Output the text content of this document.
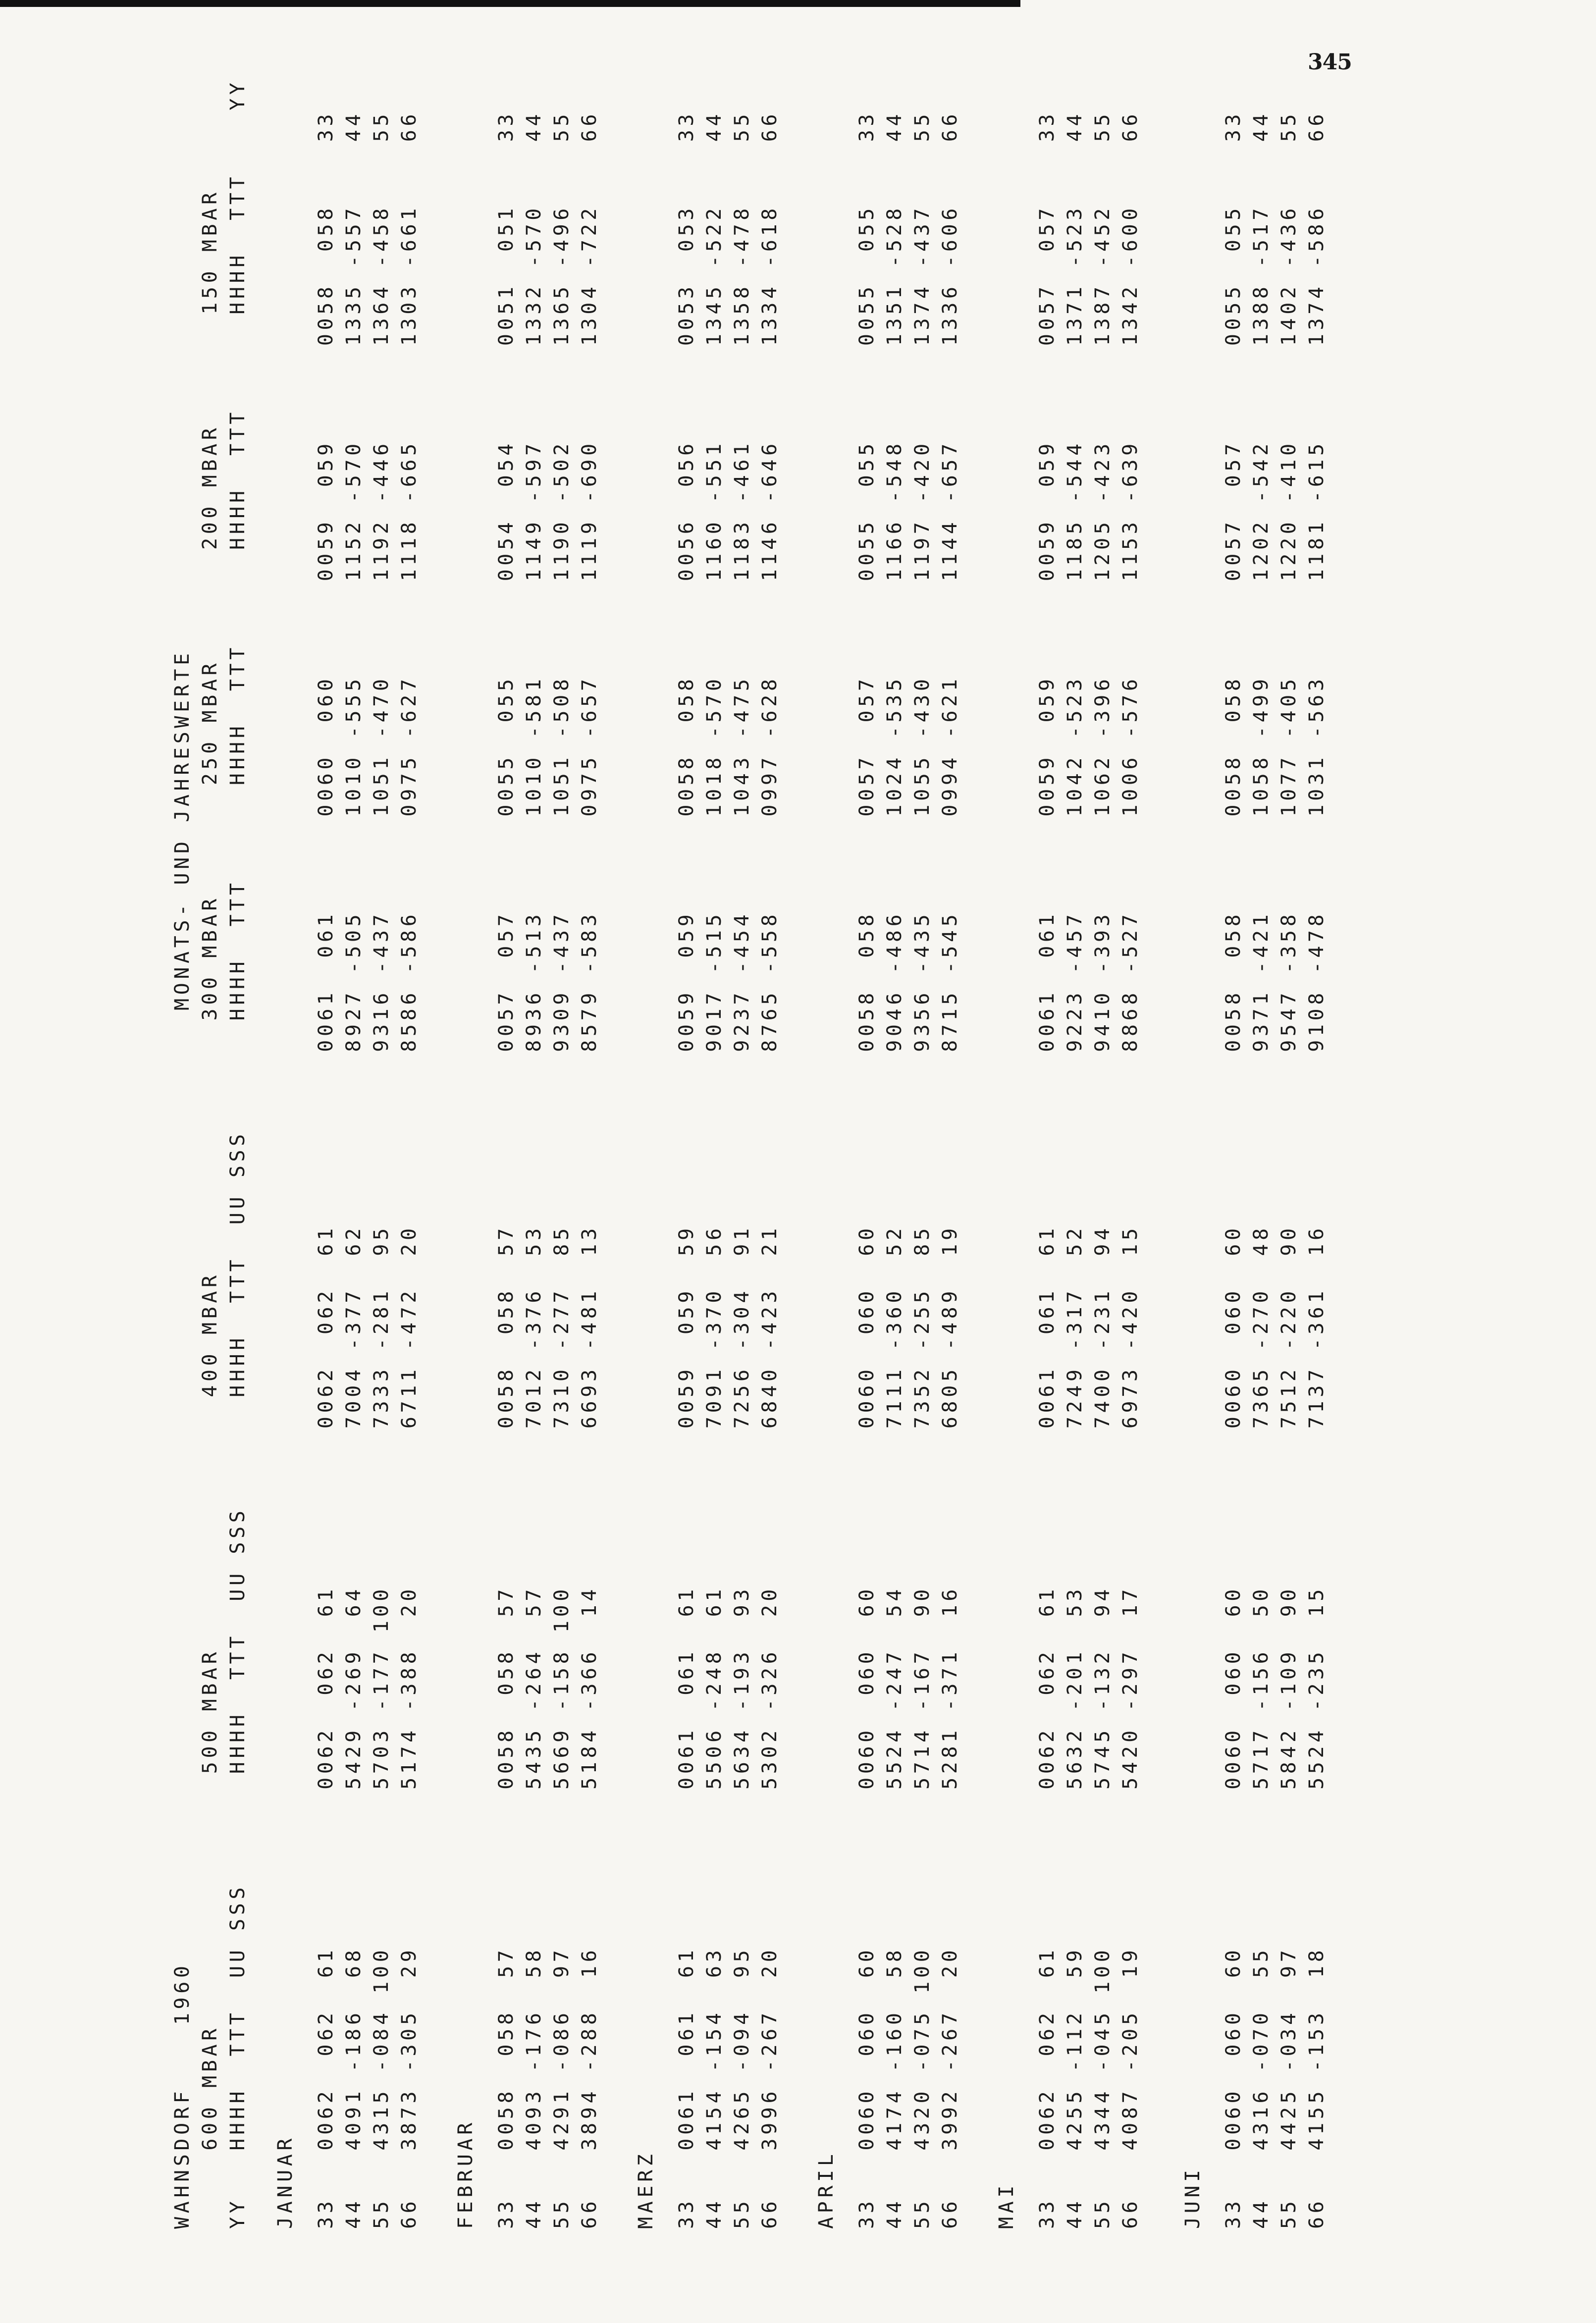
345
WAHNSDORF    1960
MONATS- UND JAHRESWERTE 600 MBAR                500 MBAR                400 MBAR                300 MBAR       250 MBAR       200 MBAR       150 MBAR YY   HHHH  TTT  UU SSS       HHHH  TTT  UU SSS       HHHH  TTT  UU SSS       HHHH  TTT      HHHH  TTT      HHHH  TTT      HHHH  TTT    YY JANUAR 33   0062  062  61          0062  062  61          0062  062  61           0061  061      0060  060      0059  059      0058  058    33 44   4091 -186  68          5429 -269  64          7004 -377  62           8927 -505      1010 -555      1152 -570      1335 -557    44 55   4315 -084 100          5703 -177 100          7333 -281  95           9316 -437      1051 -470      1192 -446      1364 -458    55 66   3873 -305  29          5174 -388  20          6711 -472  20           8586 -586      0975 -627      1118 -665      1303 -661    66 FEBRUAR 33   0058  058  57          0058  058  57          0058  058  57           0057  057      0055  055      0054  054      0051  051    33 44   4093 -176  58          5435 -264  57          7012 -376  53           8936 -513      1010 -581      1149 -597      1332 -570    44 55   4291 -086  97          5669 -158 100          7310 -277  85           9309 -437      1051 -508      1190 -502      1365 -496    55 66   3894 -288  16          5184 -366  14          6693 -481  13           8579 -583      0975 -657      1119 -690      1304 -722    66 MAERZ 33   0061  061  61          0061  061  61          0059  059  59           0059  059      0058  058      0056  056      0053  053    33 44   4154 -154  63          5506 -248  61          7091 -370  56           9017 -515      1018 -570      1160 -551      1345 -522    44 55   4265 -094  95          5634 -193  93          7256 -304  91           9237 -454      1043 -475      1183 -461      1358 -478    55 66   3996 -267  20          5302 -326  20          6840 -423  21           8765 -558      0997 -628      1146 -646      1334 -618    66 APRIL 33   0060  060  60          0060  060  60          0060  060  60           0058  058      0057  057      0055  055      0055  055    33 44   4174 -160  58          5524 -247  54          7111 -360  52           9046 -486      1024 -535      1166 -548      1351 -528    44 55   4320 -075 100          5714 -167  90          7352 -255  85           9356 -435      1055 -430      1197 -420      1374 -437    55 66   3992 -267  20          5281 -371  16          6805 -489  19           8715 -545      0994 -621      1144 -657      1336 -606    66 MAI 33   0062  062  61          0062  062  61          0061  061  61           0061  061      0059  059      0059  059      0057  057    33 44   4255 -112  59          5632 -201  53          7249 -317  52           9223 -457      1042 -523      1185 -544      1371 -523    44 55   4344 -045 100          5745 -132  94          7400 -231  94           9410 -393      1062 -396      1205 -423      1387 -452    55 66   4087 -205  19          5420 -297  17          6973 -420  15           8868 -527      1006 -576      1153 -639      1342 -600    66 JUNI 33   0060  060  60          0060  060  60          0060  060  60           0058  058      0058  058      0057  057      0055  055    33 44   4316 -070  55          5717 -156  50          7365 -270  48           9371 -421      1058 -499      1202 -542      1388 -517    44 55   4425 -034  97          5842 -109  90          7512 -220  90           9547 -358      1077 -405      1220 -410      1402 -436    55 66   4155 -153  18          5524 -235  15          7137 -361  16           9108 -478      1031 -563      1181 -615      1374 -586    66
